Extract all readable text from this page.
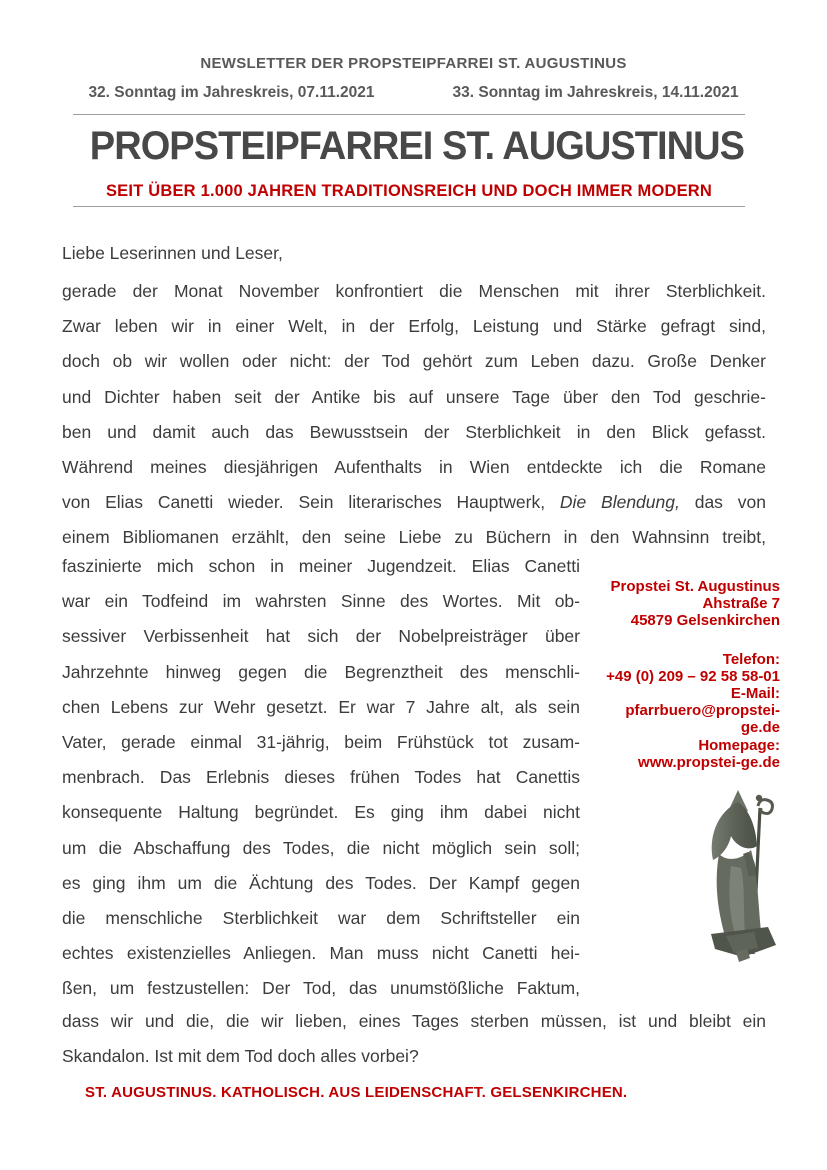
NEWSLETTER DER PROPSTEIPFARREI ST. AUGUSTINUS
32. Sonntag im Jahreskreis, 07.11.2021	33. Sonntag im Jahreskreis, 14.11.2021
PROPSTEIPFARREI ST. AUGUSTINUS
SEIT ÜBER 1.000 JAHREN TRADITIONSREICH UND DOCH IMMER MODERN
Liebe Leserinnen und Leser,
gerade der Monat November konfrontiert die Menschen mit ihrer Sterblichkeit.
Zwar leben wir in einer Welt, in der Erfolg, Leistung und Stärke gefragt sind,
doch ob wir wollen oder nicht: der Tod gehört zum Leben dazu. Große Denker
und Dichter haben seit der Antike bis auf unsere Tage über den Tod geschrie-
ben und damit auch das Bewusstsein der Sterblichkeit in den Blick gefasst.
Während meines diesjährigen Aufenthalts in Wien entdeckte ich die Romane
von Elias Canetti wieder. Sein literarisches Hauptwerk, Die Blendung, das von
einem Bibliomanen erzählt, den seine Liebe zu Büchern in den Wahnsinn treibt,
faszinierte mich schon in meiner Jugendzeit. Elias Canetti
war ein Todfeind im wahrsten Sinne des Wortes. Mit ob-
sessiver Verbissenheit hat sich der Nobelpreisträger über
Jahrzehnte hinweg gegen die Begrenztheit des menschli-
chen Lebens zur Wehr gesetzt. Er war 7 Jahre alt, als sein
Vater, gerade einmal 31-jährig, beim Frühstück tot zusam-
menbrach. Das Erlebnis dieses frühen Todes hat Canettis
konsequente Haltung begründet. Es ging ihm dabei nicht
um die Abschaffung des Todes, die nicht möglich sein soll;
es ging ihm um die Ächtung des Todes. Der Kampf gegen
die menschliche Sterblichkeit war dem Schriftsteller ein
echtes existenzielles Anliegen. Man muss nicht Canetti hei-
ßen, um festzustellen: Der Tod, das unumstößliche Faktum,
dass wir und die, die wir lieben, eines Tages sterben müssen, ist und bleibt ein
Skandalon. Ist mit dem Tod doch alles vorbei?
Propstei St. Augustinus
Ahstraße 7
45879 Gelsenkirchen
Telefon:
+49 (0) 209 – 92 58 58-01
E-Mail:
pfarrbuero@propstei-
ge.de
Homepage:
www.propstei-ge.de
ST. AUGUSTINUS. KATHOLISCH. AUS LEIDENSCHAFT. GELSENKIRCHEN.
